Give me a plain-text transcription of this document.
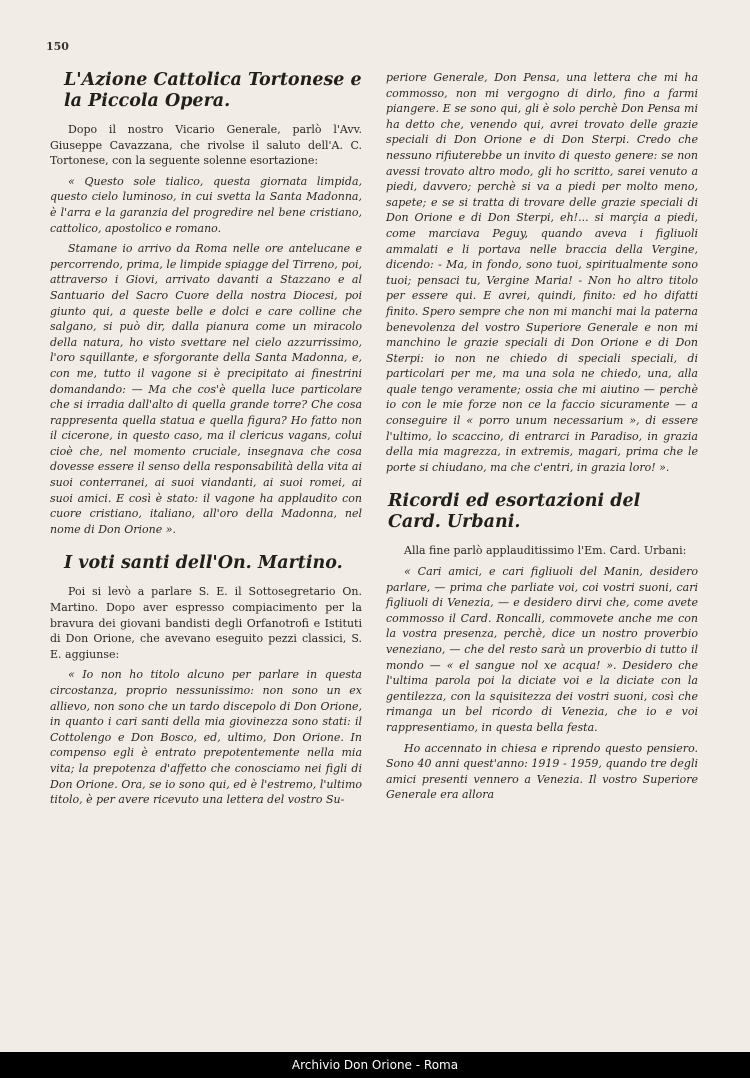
150
L'Azione Cattolica Tortonese e la Piccola Opera.

Dopo il nostro Vicario Generale, parlò l'Avv. Giuseppe Cavazzana, che rivolse il saluto dell'A. C. Tortonese, con la seguente solenne esortazione:

« Questo sole tialico, questa giornata limpida, questo cielo luminoso, in cui svetta la Santa Madonna, è l'arra e la garanzia del progredire nel bene cristiano, cattolico, apostolico e romano.

Stamane io arrivo da Roma nelle ore antelucane e percorrendo, prima, le limpide spiagge del Tirreno, poi, attraverso i Giovi, arrivato davanti a Stazzano e al Santuario del Sacro Cuore della nostra Diocesi, poi giunto qui, a queste belle e dolci e care colline che salgano, si può dir, dalla pianura come un miracolo della natura, ho visto svettare nel cielo azzurrissimo, l'oro squillante, e sforgorante della Santa Madonna, e, con me, tutto il vagone si è precipitato ai finestrini domandando: — Ma che cos'è quella luce particolare che si irradia dall'alto di quella grande torre? Che cosa rappresenta quella statua e quella figura? Ho fatto non il cicerone, in questo caso, ma il clericus vagans, colui cioè che, nel momento cruciale, insegnava che cosa dovesse essere il senso della responsabilità della vita ai suoi conterranei, ai suoi viandanti, ai suoi romei, ai suoi amici. E così è stato: il vagone ha applaudito con cuore cristiano, italiano, all'oro della Madonna, nel nome di Don Orione ».

I voti santi dell'On. Martino.

Poi si levò a parlare S. E. il Sottosegretario On. Martino. Dopo aver espresso compiacimento per la bravura dei giovani bandisti degli Orfanotrofi e Istituti di Don Orione, che avevano eseguito pezzi classici, S. E. aggiunse:

« Io non ho titolo alcuno per parlare in questa circostanza, proprio nessunissimo: non sono un ex allievo, non sono che un tardo discepolo di Don Orione, in quanto i cari santi della mia giovinezza sono stati: il Cottolengo e Don Bosco, ed, ultimo, Don Orione. In compenso egli è entrato prepotentemente nella mia vita; la prepotenza d'affetto che conosciamo nei figli di Don Orione. Ora, se io sono qui, ed è l'estremo, l'ultimo titolo, è per avere ricevuto una lettera del vostro Su-

periore Generale, Don Pensa, una lettera che mi ha commosso, non mi vergogno di dirlo, fino a farmi piangere. E se sono qui, gli è solo perchè Don Pensa mi ha detto che, venendo qui, avrei trovato delle grazie speciali di Don Orione e di Don Sterpi. Credo che nessuno rifiuterebbe un invito di questo genere: se non avessi trovato altro modo, gli ho scritto, sarei venuto a piedi, davvero; perchè si va a piedi per molto meno, sapete; e se si tratta di trovare delle grazie speciali di Don Orione e di Don Sterpi, eh!... si marçia a piedi, come marciava Peguy, quando aveva i figliuoli ammalati e li portava nelle braccia della Vergine, dicendo: - Ma, in fondo, sono tuoi, spiritualmente sono tuoi; pensaci tu, Vergine Maria! - Non ho altro titolo per essere qui. E avrei, quindi, finito: ed ho difatti finito. Spero sempre che non mi manchi mai la paterna benevolenza del vostro Superiore Generale e non mi manchino le grazie speciali di Don Orione e di Don Sterpi: io non ne chiedo di speciali speciali, di particolari per me, ma una sola ne chiedo, una, alla quale tengo veramente; ossia che mi aiutino — perchè io con le mie forze non ce la faccio sicuramente — a conseguire il « porro unum necessarium », di essere l'ultimo, lo scaccino, di entrarci in Paradiso, in grazia della mia magrezza, in extremis, magari, prima che le porte si chiudano, ma che c'entri, in grazia loro! ».

Ricordi ed esortazioni del Card. Urbani.

Alla fine parlò applauditissimo l'Em. Card. Urbani:

« Cari amici, e cari figliuoli del Manin, desidero parlare, — prima che parliate voi, coi vostri suoni, cari figliuoli di Venezia, — e desidero dirvi che, come avete commosso il Card. Roncalli, commovete anche me con la vostra presenza, perchè, dice un nostro proverbio veneziano, — che del resto sarà un proverbio di tutto il mondo — « el sangue nol xe acqua! ». Desidero che l'ultima parola poi la diciate voi e la diciate con la gentilezza, con la squisitezza dei vostri suoni, così che rimanga un bel ricordo di Venezia, che io e voi rappresentiamo, in questa bella festa.

Ho accennato in chiesa e riprendo questo pensiero. Sono 40 anni quest'anno: 1919 - 1959, quando tre degli amici presenti vennero a Venezia. Il vostro Superiore Generale era allora

Archivio Don Orione - Roma
